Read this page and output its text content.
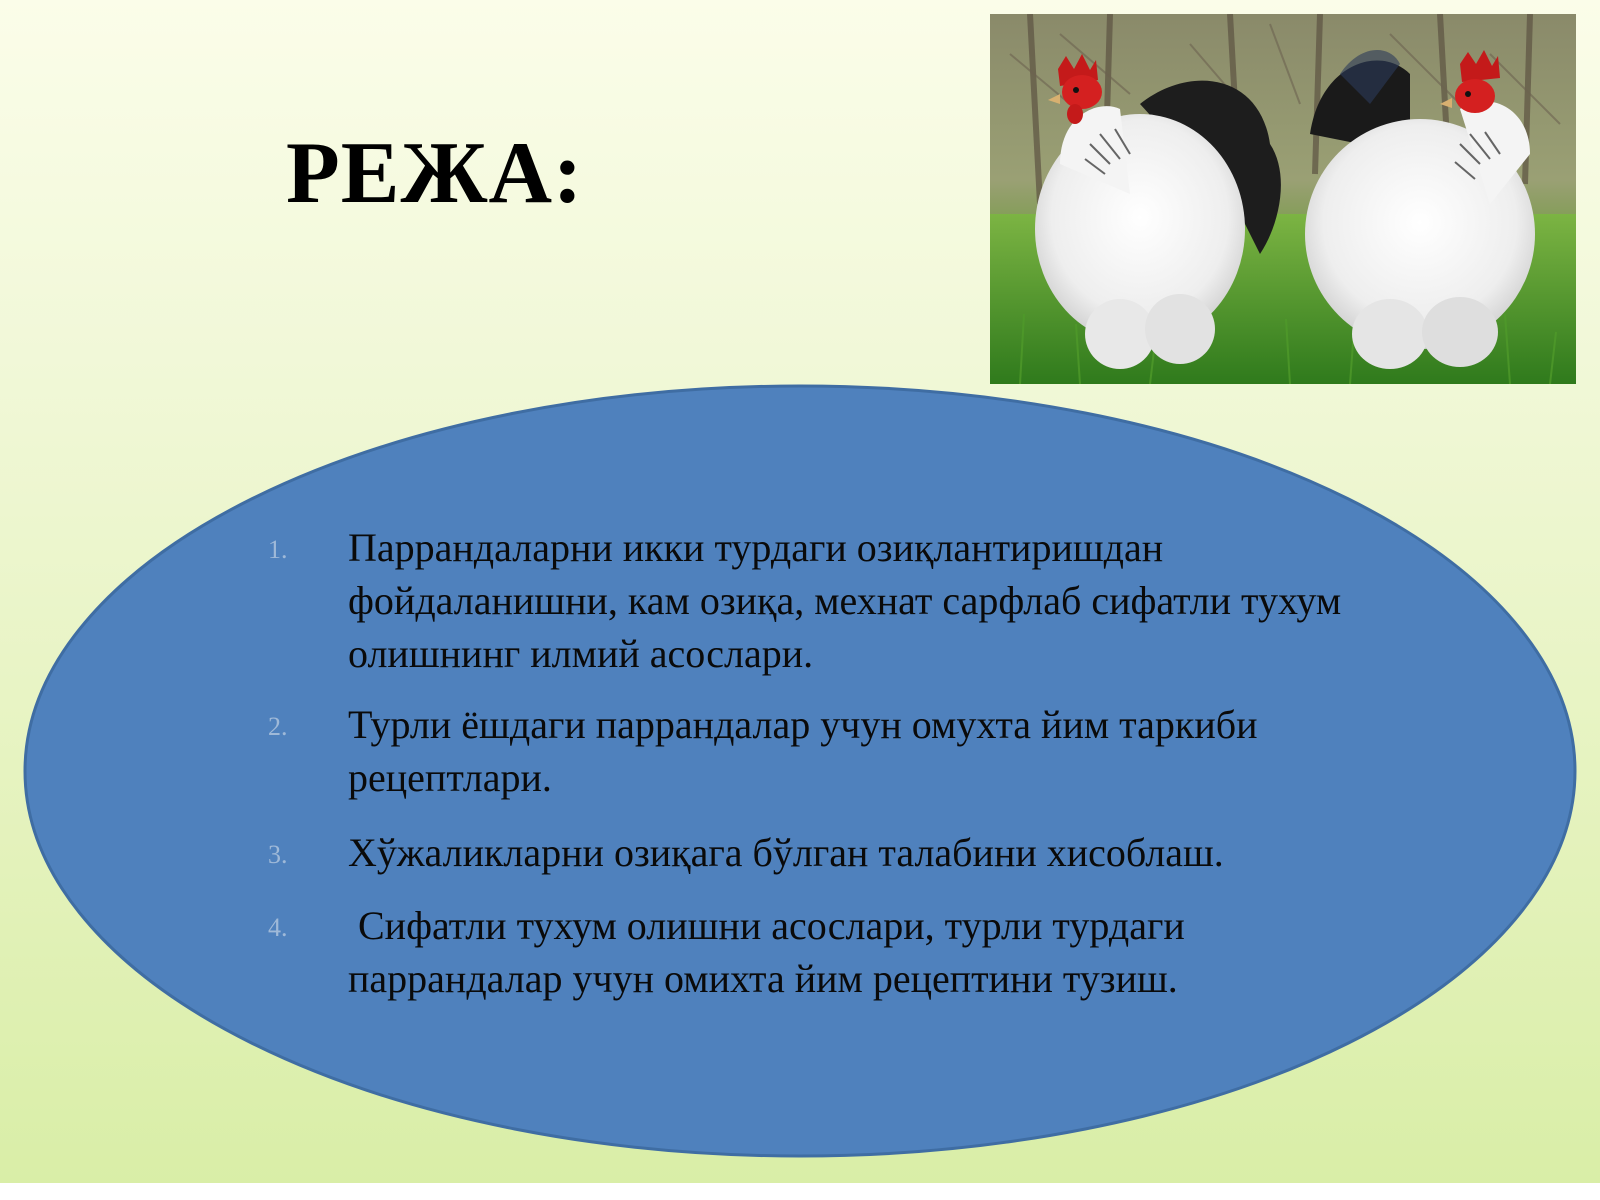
РЕЖА:
1. Паррандаларни икки турдаги озиқлантиришдан фойдаланишни, кам озиқа, мехнат сарфлаб сифатли тухум олишнинг илмий асослари.
2. Турли ёшдаги паррандалар учун омухта йим таркиби рецептлари.
3. Хўжаликларни озиқага бўлган талабини хисоблаш.
4. Сифатли тухум олишни асослари, турли турдаги паррандалар учун омихта йим рецептини тузиш.
